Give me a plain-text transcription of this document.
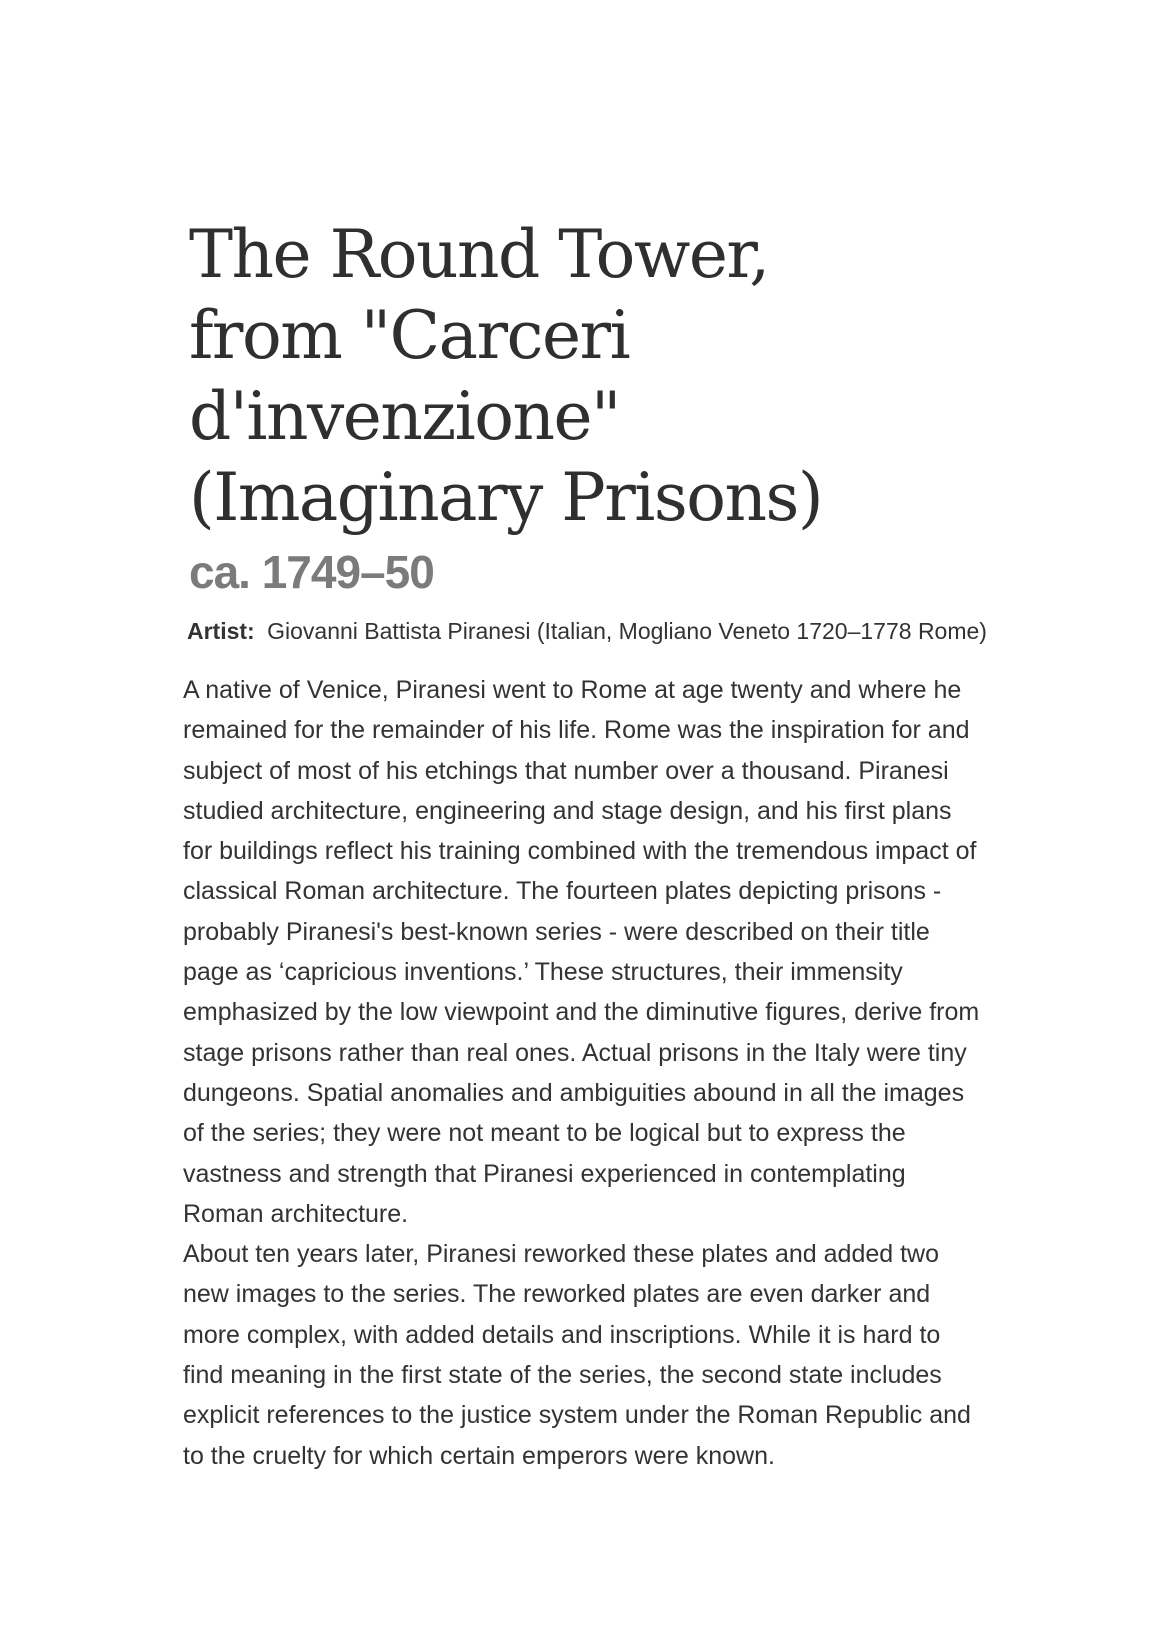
The Round Tower, from "Carceri d'invenzione" (Imaginary Prisons)
ca. 1749–50
Artist: Giovanni Battista Piranesi (Italian, Mogliano Veneto 1720–1778 Rome)

A native of Venice, Piranesi went to Rome at age twenty and where he remained for the remainder of his life. Rome was the inspiration for and subject of most of his etchings that number over a thousand. Piranesi studied architecture, engineering and stage design, and his first plans for buildings reflect his training combined with the tremendous impact of classical Roman architecture. The fourteen plates depicting prisons - probably Piranesi's best-known series - were described on their title page as ‘capricious inventions.’ These structures, their immensity emphasized by the low viewpoint and the diminutive figures, derive from stage prisons rather than real ones. Actual prisons in the Italy were tiny dungeons. Spatial anomalies and ambiguities abound in all the images of the series; they were not meant to be logical but to express the vastness and strength that Piranesi experienced in contemplating Roman architecture.

About ten years later, Piranesi reworked these plates and added two new images to the series. The reworked plates are even darker and more complex, with added details and inscriptions. While it is hard to find meaning in the first state of the series, the second state includes explicit references to the justice system under the Roman Republic and to the cruelty for which certain emperors were known.
